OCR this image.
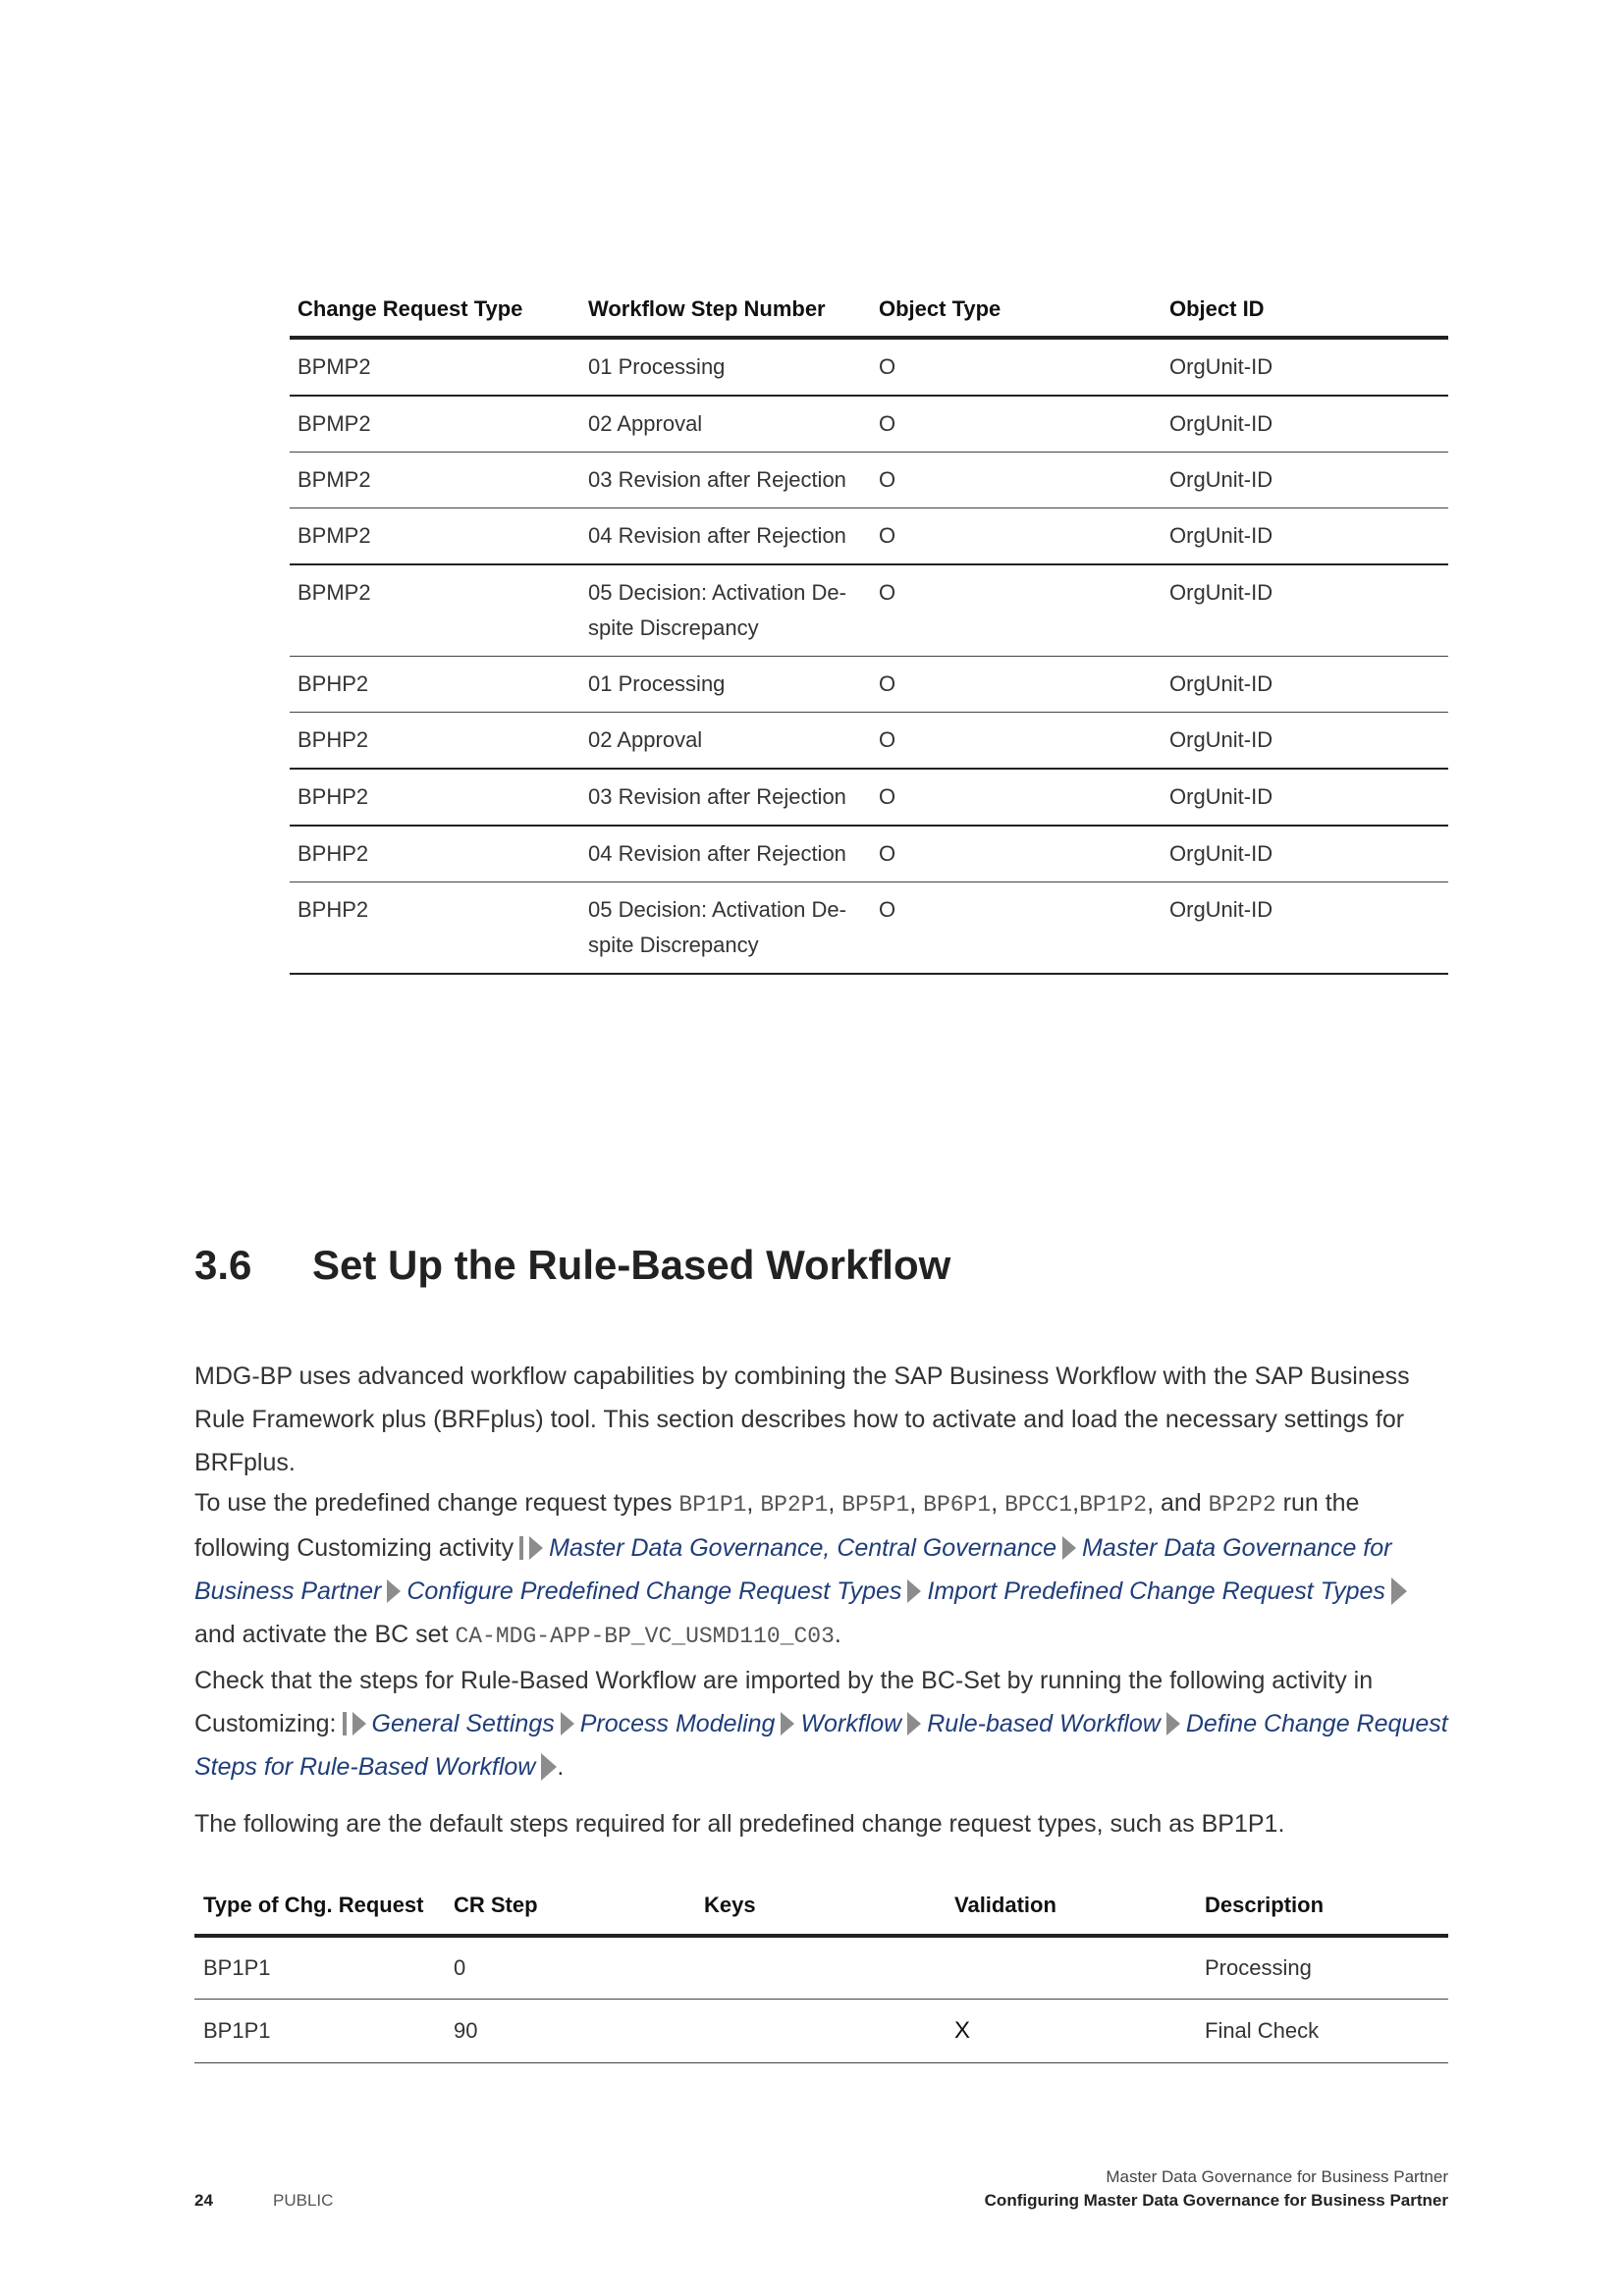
Change Request Type	Workflow Step Number	Object Type	Object ID
BPMP2	01 Processing	O	OrgUnit-ID
BPMP2	02 Approval	O	OrgUnit-ID
BPMP2	03 Revision after Rejection	O	OrgUnit-ID
BPMP2	04 Revision after Rejection	O	OrgUnit-ID
BPMP2	05 Decision: Activation De-spite Discrepancy	O	OrgUnit-ID
BPHP2	01 Processing	O	OrgUnit-ID
BPHP2	02 Approval	O	OrgUnit-ID
BPHP2	03 Revision after Rejection	O	OrgUnit-ID
BPHP2	04 Revision after Rejection	O	OrgUnit-ID
BPHP2	05 Decision: Activation De-spite Discrepancy	O	OrgUnit-ID
3.6 Set Up the Rule-Based Workflow
MDG-BP uses advanced workflow capabilities by combining the SAP Business Workflow with the SAP Business Rule Framework plus (BRFplus) tool. This section describes how to activate and load the necessary settings for BRFplus.
To use the predefined change request types BP1P1, BP2P1, BP5P1, BP6P1, BPCC1,BP1P2, and BP2P2 run the following Customizing activity Master Data Governance, Central Governance Master Data Governance for Business Partner Configure Predefined Change Request Types Import Predefined Change Request Types and activate the BC set CA-MDG-APP-BP_VC_USMD110_C03.
Check that the steps for Rule-Based Workflow are imported by the BC-Set by running the following activity in Customizing: General Settings Process Modeling Workflow Rule-based Workflow Define Change Request Steps for Rule-Based Workflow .
The following are the default steps required for all predefined change request types, such as BP1P1.
Type of Chg. Request	CR Step	Keys	Validation	Description
BP1P1	0			Processing
BP1P1	90		X	Final Check
24	PUBLIC
Master Data Governance for Business Partner
Configuring Master Data Governance for Business Partner
